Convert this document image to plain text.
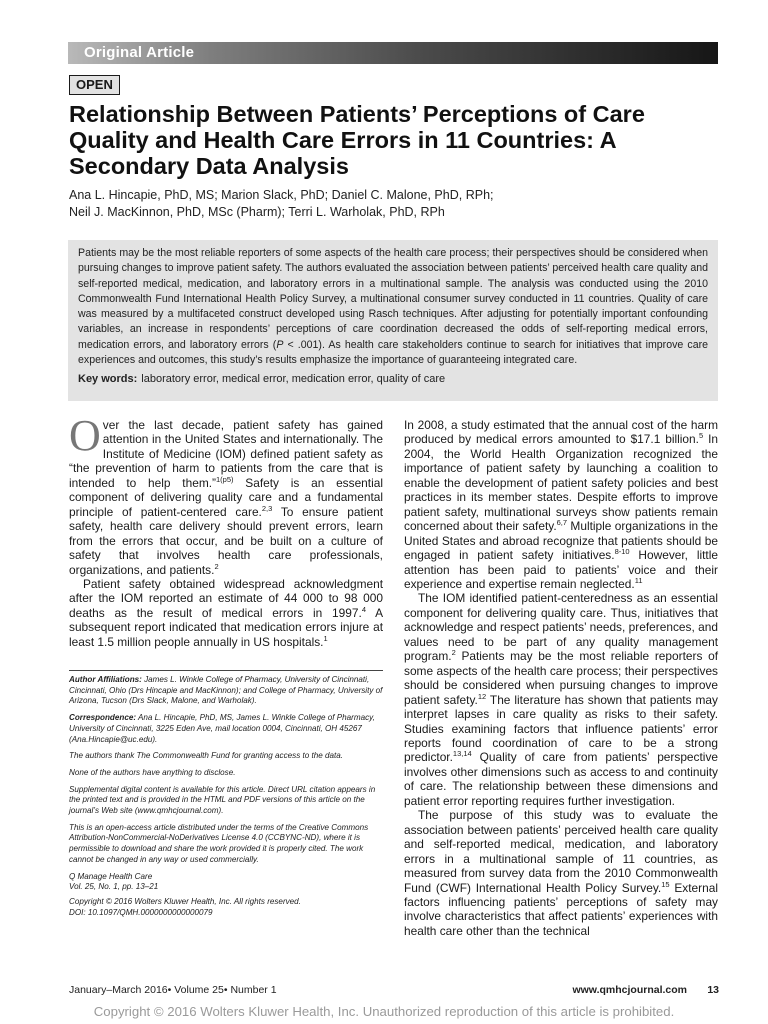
Original Article
OPEN
Relationship Between Patients’ Perceptions of Care Quality and Health Care Errors in 11 Countries: A Secondary Data Analysis
Ana L. Hincapie, PhD, MS; Marion Slack, PhD; Daniel C. Malone, PhD, RPh;
Neil J. MacKinnon, PhD, MSc (Pharm); Terri L. Warholak, PhD, RPh

Patients may be the most reliable reporters of some aspects of the health care process; their perspectives should be considered when pursuing changes to improve patient safety. The authors evaluated the association between patients’ perceived health care quality and self-reported medical, medication, and laboratory errors in a multinational sample. The analysis was conducted using the 2010 Commonwealth Fund International Health Policy Survey, a multinational consumer survey conducted in 11 countries. Quality of care was measured by a multifaceted construct developed using Rasch techniques. After adjusting for potentially important confounding variables, an increase in respondents’ perceptions of care coordination decreased the odds of self-reporting medical errors, medication errors, and laboratory errors (P < .001). As health care stakeholders continue to search for initiatives that improve care experiences and outcomes, this study’s results emphasize the importance of guaranteeing integrated care.

Key words: laboratory error, medical error, medication error, quality of care

Over the last decade, patient safety has gained attention in the United States and internationally. The Institute of Medicine (IOM) defined patient safety as “the prevention of harm to patients from the care that is intended to help them.”$^{1(p5)}$ Safety is an essential component of delivering quality care and a fundamental principle of patient-centered care.$^{2,3}$ To ensure patient safety, health care delivery should prevent errors, learn from the errors that occur, and be built on a culture of safety that involves health care professionals, organizations, and patients.$^2$

Patient safety obtained widespread acknowledgment after the IOM reported an estimate of 44 000 to 98 000 deaths as the result of medical errors in 1997.$^4$ A subsequent report indicated that medication errors injure at least 1.5 million people annually in US hospitals.$^1$

Author Affiliations: James L. Winkle College of Pharmacy, University of Cincinnati, Cincinnati, Ohio (Drs Hincapie and MacKinnon); and College of Pharmacy, University of Arizona, Tucson (Drs Slack, Malone, and Warholak).

Correspondence: Ana L. Hincapie, PhD, MS, James L. Winkle College of Pharmacy, University of Cincinnati, 3225 Eden Ave, mail location 0004, Cincinnati, OH 45267 (Ana.Hincapie@uc.edu).

The authors thank The Commonwealth Fund for granting access to the data.

None of the authors have anything to disclose.

Supplemental digital content is available for this article. Direct URL citation appears in the printed text and is provided in the HTML and PDF versions of this article on the journal’s Web site (www.qmhcjournal.com).

This is an open-access article distributed under the terms of the Creative Commons Attribution-NonCommercial-NoDerivatives License 4.0 (CCBYNC-ND), where it is permissible to download and share the work provided it is properly cited. The work cannot be changed in any way or used commercially.

Q Manage Health Care
Vol. 25, No. 1, pp. 13–21

Copyright © 2016 Wolters Kluwer Health, Inc. All rights reserved.

DOI: 10.1097/QMH.0000000000000079

In 2008, a study estimated that the annual cost of the harm produced by medical errors amounted to $17.1 billion.$^5$ In 2004, the World Health Organization recognized the importance of patient safety by launching a coalition to enable the development of patient safety policies and best practices in its member states. Despite efforts to improve patient safety, multinational surveys show patients remain concerned about their safety.$^{6,7}$ Multiple organizations in the United States and abroad recognize that patients should be engaged in patient safety initiatives.$^{8-10}$ However, little attention has been paid to patients’ voice and their experience and expertise remain neglected.$^{11}$

The IOM identified patient-centeredness as an essential component for delivering quality care. Thus, initiatives that acknowledge and respect patients’ needs, preferences, and values need to be part of any quality management program.$^2$ Patients may be the most reliable reporters of some aspects of the health care process; their perspectives should be considered when pursuing changes to improve patient safety.$^{12}$ The literature has shown that patients may interpret lapses in care quality as risks to their safety. Studies examining factors that influence patients’ error reports found coordination of care to be a strong predictor.$^{13,14}$ Quality of care from patients’ perspective involves other dimensions such as access to and continuity of care. The relationship between these dimensions and patient error reporting requires further investigation.

The purpose of this study was to evaluate the association between patients’ perceived health care quality and self-reported medical, medication, and laboratory errors in a multinational sample of 11 countries, as measured from survey data from the 2010 Commonwealth Fund (CWF) International Health Policy Survey.$^{15}$ External factors influencing patients’ perceptions of safety may involve characteristics that affect patients’ experiences with health care other than the technical

January–March 2016• Volume 25• Number 1	www.qmhcjournal.com 13
Copyright © 2016 Wolters Kluwer Health, Inc. Unauthorized reproduction of this article is prohibited.
